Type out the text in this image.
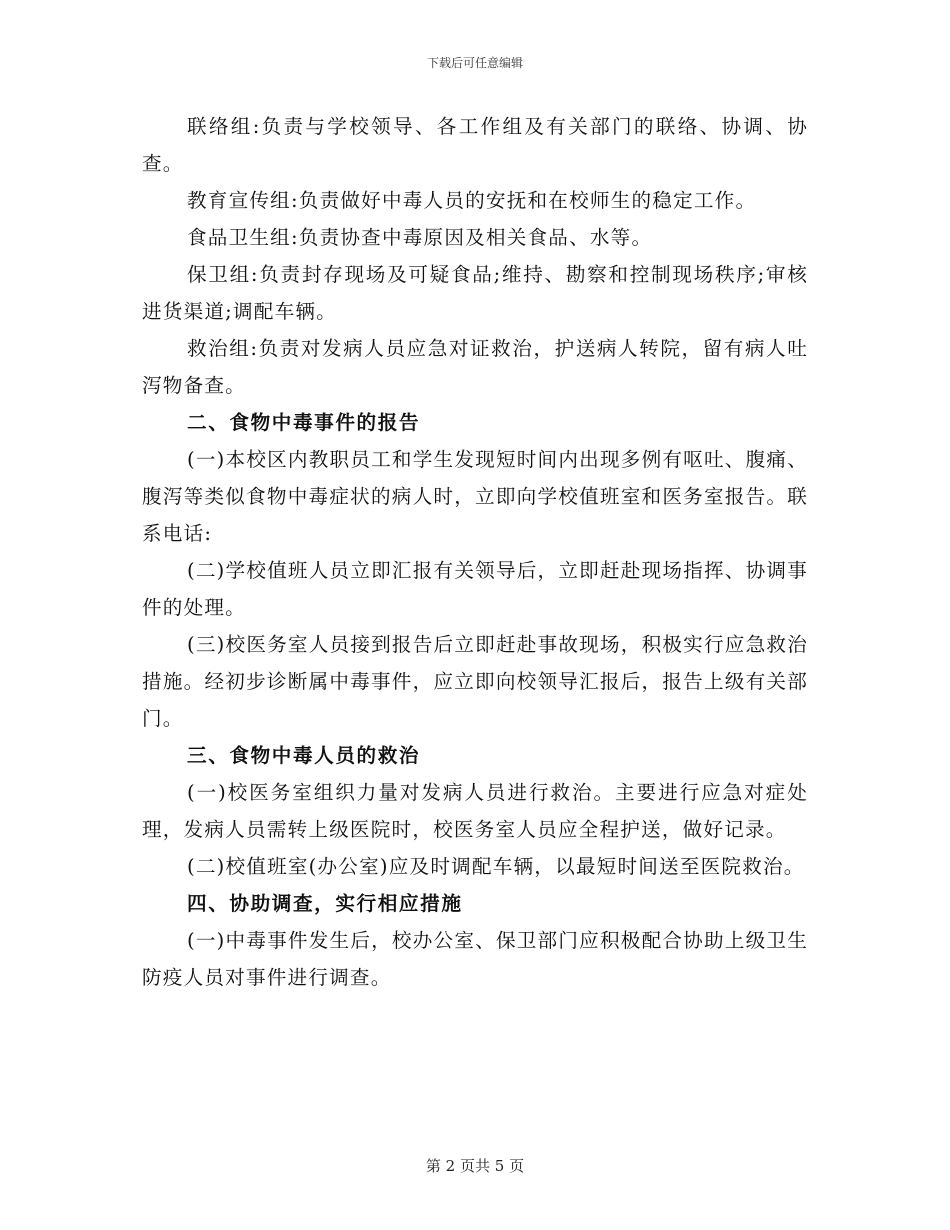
下载后可任意编辑

联络组:负责与学校领导、各工作组及有关部门的联络、协调、协查。

教育宣传组:负责做好中毒人员的安抚和在校师生的稳定工作。

食品卫生组:负责协查中毒原因及相关食品、水等。

保卫组:负责封存现场及可疑食品;维持、勘察和控制现场秩序;审核进货渠道;调配车辆。

救治组:负责对发病人员应急对证救治，护送病人转院，留有病人吐泻物备查。

二、食物中毒事件的报告

(一)本校区内教职员工和学生发现短时间内出现多例有呕吐、腹痛、腹泻等类似食物中毒症状的病人时，立即向学校值班室和医务室报告。联系电话:

(二)学校值班人员立即汇报有关领导后，立即赶赴现场指挥、协调事件的处理。

(三)校医务室人员接到报告后立即赶赴事故现场，积极实行应急救治措施。经初步诊断属中毒事件，应立即向校领导汇报后，报告上级有关部门。

三、食物中毒人员的救治

(一)校医务室组织力量对发病人员进行救治。主要进行应急对症处理，发病人员需转上级医院时，校医务室人员应全程护送，做好记录。

(二)校值班室(办公室)应及时调配车辆，以最短时间送至医院救治。

四、协助调查，实行相应措施

(一)中毒事件发生后，校办公室、保卫部门应积极配合协助上级卫生防疫人员对事件进行调查。

第 2 页共 5 页
